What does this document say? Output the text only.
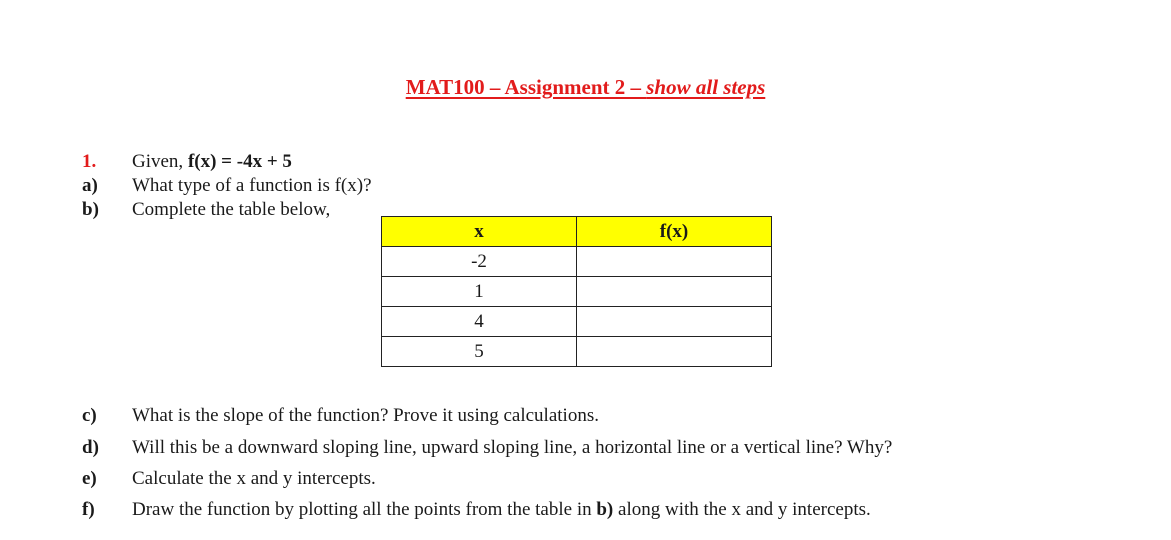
MAT100 – Assignment 2 – show all steps
1. Given, f(x) = -4x + 5
a) What type of a function is f(x)?
b) Complete the table below,
x	f(x)
-2	
1	
4	
5	
c) What is the slope of the function? Prove it using calculations.
d) Will this be a downward sloping line, upward sloping line, a horizontal line or a vertical line? Why?
e) Calculate the x and y intercepts.
f) Draw the function by plotting all the points from the table in b) along with the x and y intercepts.
